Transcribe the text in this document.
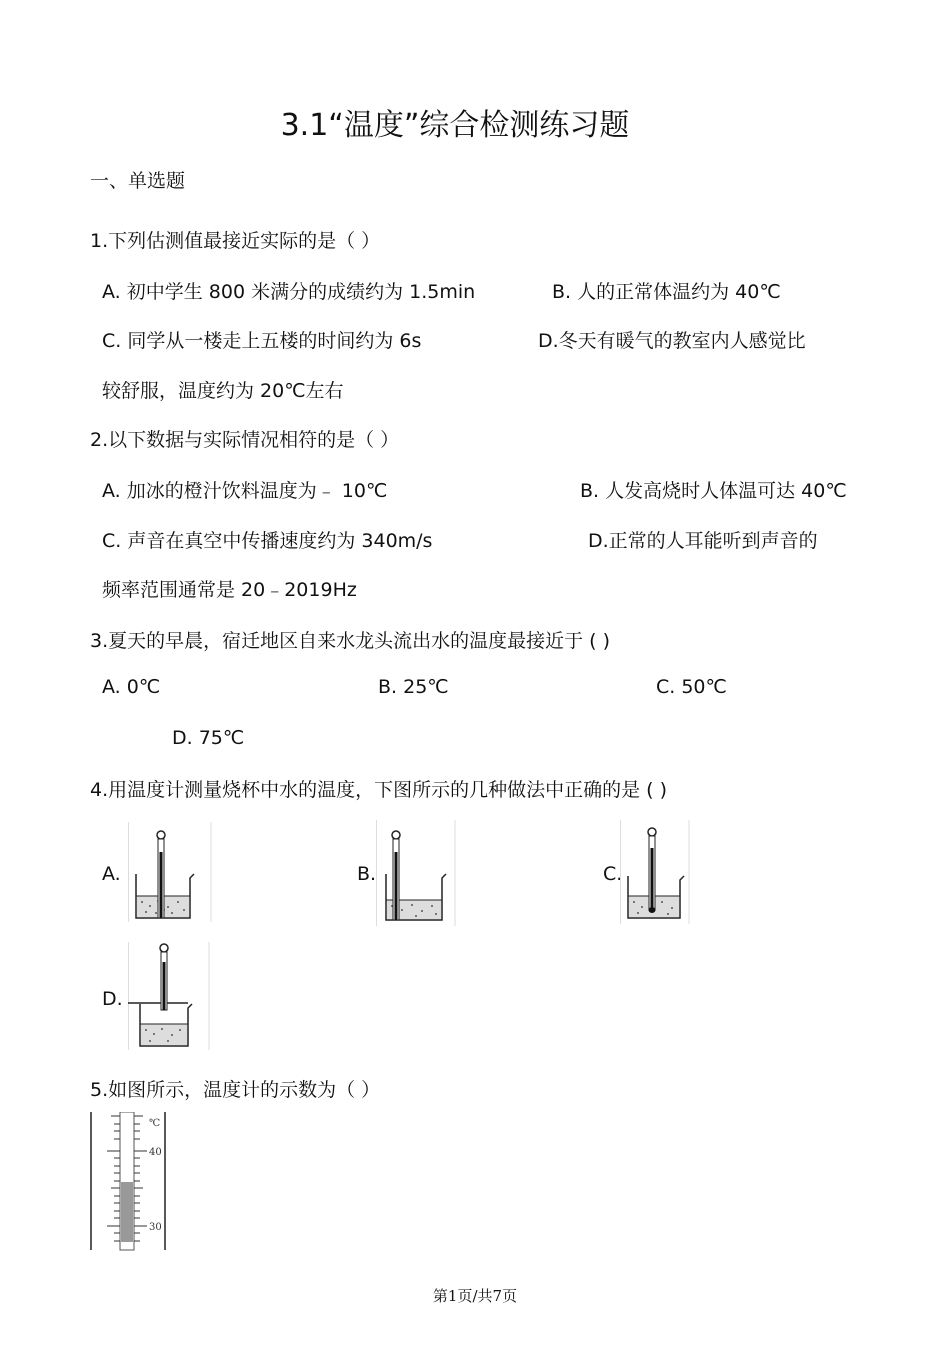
3.1“温度”综合检测练习题
一、单选题
1.下列估测值最接近实际的是（ ）
A. 初中学生 800 米满分的成绩约为 1.5min	B. 人的正常体温约为 40℃
C. 同学从一楼走上五楼的时间约为 6s	D.冬天有暖气的教室内人感觉比
较舒服，温度约为 20℃左右
2.以下数据与实际情况相符的是（ ）
A. 加冰的橙汁饮料温度为﹣ 10℃	B. 人发高烧时人体温可达 40℃
C. 声音在真空中传播速度约为 340m/s	D.正常的人耳能听到声音的
频率范围通常是 20﹣2019Hz
3.夏天的早晨，宿迁地区自来水龙头流出水的温度最接近于 ( )
A. 0℃	B. 25℃	C. 50℃
D. 75℃
4.用温度计测量烧杯中水的温度，下图所示的几种做法中正确的是 ( )
A.	B.	C.
D.
5.如图所示，温度计的示数为（ ）
℃
40
30
第1页/共7页
